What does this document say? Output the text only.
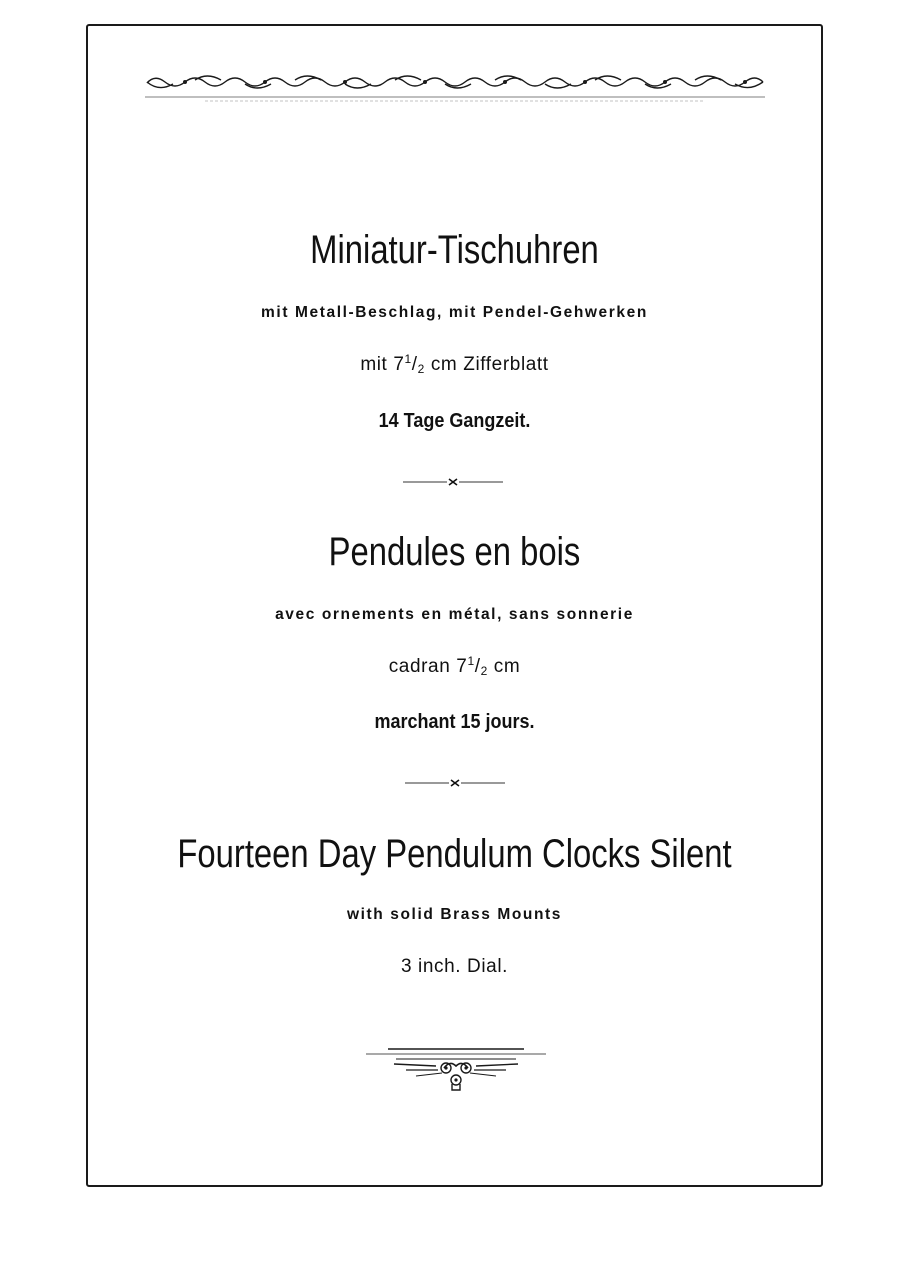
Miniatur-Tischuhren
mit Metall-Beschlag, mit Pendel-Gehwerken
mit $7^1/2$ cm Zifferblatt
14 Tage Gangzeit.
Pendules en bois
avec ornements en métal, sans sonnerie
cadran $7^1/2$ cm
marchant 15 jours.
Fourteen Day Pendulum Clocks Silent
with solid Brass Mounts
3 inch. Dial.
